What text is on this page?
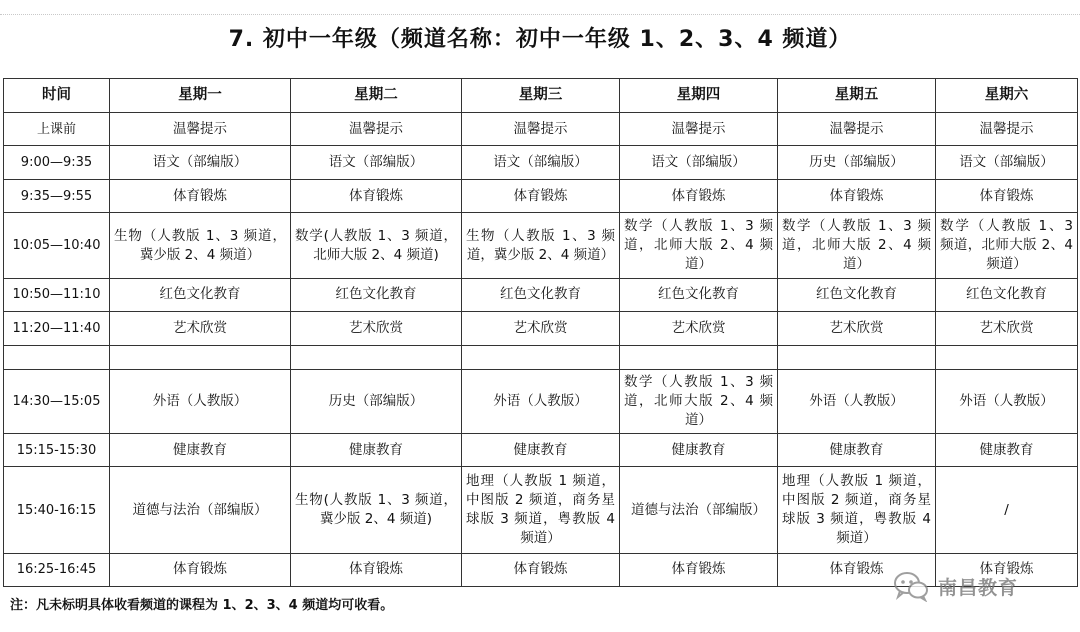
7. 初中一年级（频道名称：初中一年级 1、2、3、4 频道）
时间	星期一	星期二	星期三	星期四	星期五	星期六
上课前	温馨提示	温馨提示	温馨提示	温馨提示	温馨提示	温馨提示
9:00—9:35	语文（部编版）	语文（部编版）	语文（部编版）	语文（部编版）	历史（部编版）	语文（部编版）
9:35—9:55	体育锻炼	体育锻炼	体育锻炼	体育锻炼	体育锻炼	体育锻炼
10:05—10:40	生物（人教版 1、3 频道，冀少版 2、4 频道）	数学(人教版 1、3 频道，北师大版 2、4 频道)	生物（人教版 1、3 频道，冀少版 2、4 频道）	数学（人教版 1、3 频道，北师大版 2、4 频道）	数学（人教版 1、3 频道，北师大版 2、4 频道）	数学（人教版 1、3 频道，北师大版 2、4 频道）

10:50—11:10	红色文化教育	红色文化教育	红色文化教育	红色文化教育	红色文化教育	红色文化教育
11:20—11:40	艺术欣赏	艺术欣赏	艺术欣赏	艺术欣赏	艺术欣赏	艺术欣赏

14:30—15:05	外语（人教版）	历史（部编版）	外语（人教版）	数学（人教版 1、3 频道，北师大版 2、4 频道）	外语（人教版）	外语（人教版）
15:15-15:30	健康教育	健康教育	健康教育	健康教育	健康教育	健康教育
15:40-16:15	道德与法治（部编版）	生物(人教版 1、3 频道，冀少版 2、4 频道)	地理（人教版 1 频道，中图版 2 频道，商务星球版 3 频道，粤教版 4 频道）	道德与法治（部编版）	地理（人教版 1 频道，中图版 2 频道，商务星球版 3 频道，粤教版 4 频道）	/
16:25-16:45	体育锻炼	体育锻炼	体育锻炼	体育锻炼	体育锻炼	体育锻炼
注：凡未标明具体收看频道的课程为 1、2、3、4 频道均可收看。
南昌教育
